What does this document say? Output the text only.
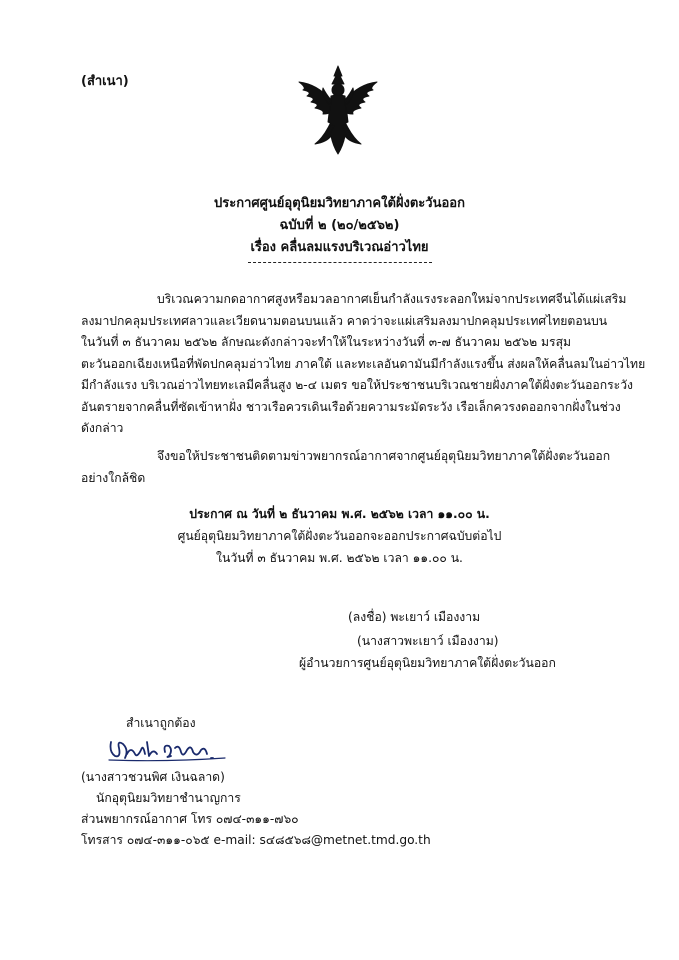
(สำเนา)
ประกาศศูนย์อุตุนิยมวิทยาภาคใต้ฝั่งตะวันออก
ฉบับที่ ๒ (๒๐/๒๕๖๒)
เรื่อง คลื่นลมแรงบริเวณอ่าวไทย
บริเวณความกดอากาศสูงหรือมวลอากาศเย็นกำลังแรงระลอกใหม่จากประเทศจีนได้แผ่เสริม
ลงมาปกคลุมประเทศลาวและเวียดนามตอนบนแล้ว คาดว่าจะแผ่เสริมลงมาปกคลุมประเทศไทยตอนบน
ในวันที่ ๓ ธันวาคม ๒๕๖๒ ลักษณะดังกล่าวจะทำให้ในระหว่างวันที่ ๓-๗ ธันวาคม ๒๕๖๒ มรสุม
ตะวันออกเฉียงเหนือที่พัดปกคลุมอ่าวไทย ภาคใต้ และทะเลอันดามันมีกำลังแรงขึ้น ส่งผลให้คลื่นลมในอ่าวไทย
มีกำลังแรง บริเวณอ่าวไทยทะเลมีคลื่นสูง ๒-๔ เมตร ขอให้ประชาชนบริเวณชายฝั่งภาคใต้ฝั่งตะวันออกระวัง
อันตรายจากคลื่นที่ซัดเข้าหาฝั่ง ชาวเรือควรเดินเรือด้วยความระมัดระวัง เรือเล็กควรงดออกจากฝั่งในช่วง
ดังกล่าว
จึงขอให้ประชาชนติดตามข่าวพยากรณ์อากาศจากศูนย์อุตุนิยมวิทยาภาคใต้ฝั่งตะวันออก
อย่างใกล้ชิด
ประกาศ ณ วันที่ ๒ ธันวาคม พ.ศ. ๒๕๖๒ เวลา ๑๑.๐๐ น.
ศูนย์อุตุนิยมวิทยาภาคใต้ฝั่งตะวันออกจะออกประกาศฉบับต่อไป
ในวันที่ ๓ ธันวาคม พ.ศ. ๒๕๖๒ เวลา ๑๑.๐๐ น.
(ลงชื่อ) พะเยาว์ เมืองงาม
(นางสาวพะเยาว์ เมืองงาม)
ผู้อำนวยการศูนย์อุตุนิยมวิทยาภาคใต้ฝั่งตะวันออก
สำเนาถูกต้อง
(นางสาวชวนพิศ เงินฉลาด)
นักอุตุนิยมวิทยาชำนาญการ
ส่วนพยากรณ์อากาศ โทร ๐๗๔-๓๑๑-๗๖๐
โทรสาร ๐๗๔-๓๑๑-๐๖๕ e-mail: s๔๘๕๖๘@metnet.tmd.go.th
